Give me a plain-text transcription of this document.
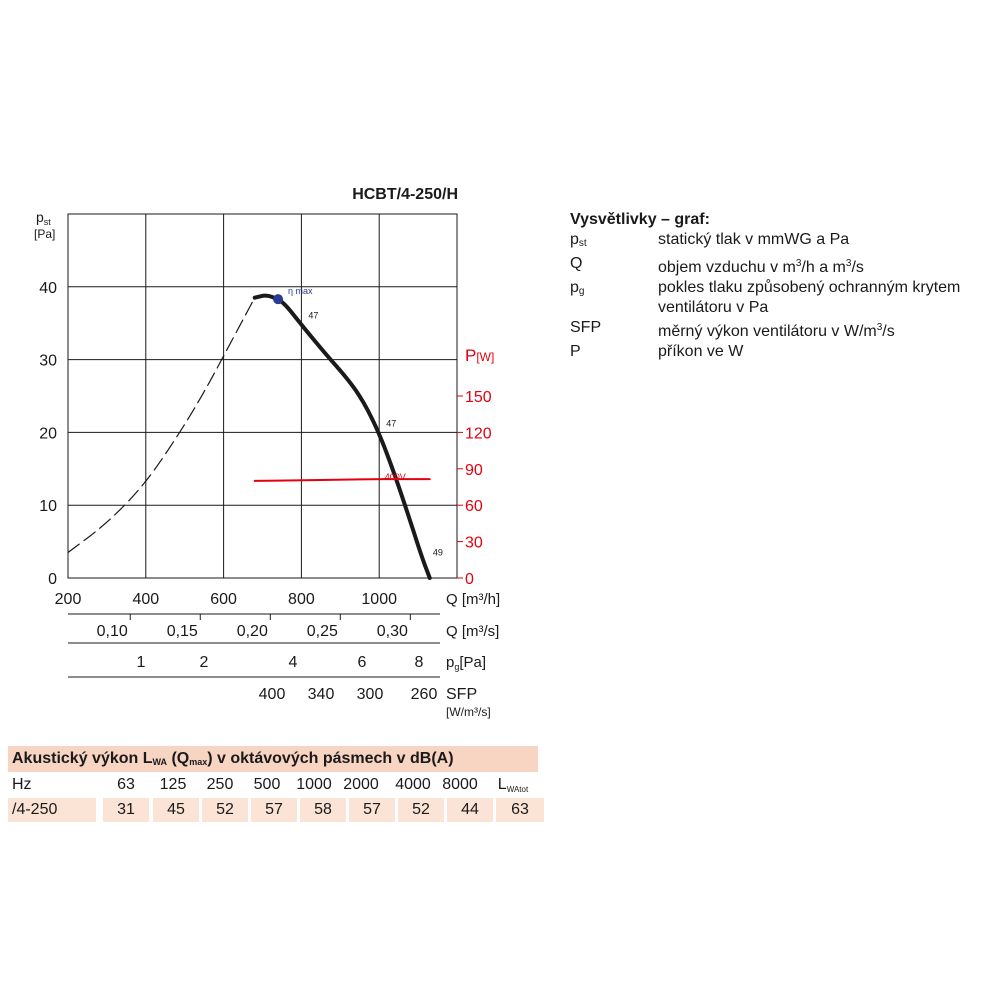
HCBT/4-250/H
0
10
20
30
40
0
30
60
90
120
150
200	400	600	800	1000
0,10 0,15 0,20 0,25 0,30	Q [m³/s]
1	2	4	6	8 $p_g[Pa]$
400 340 300 260 SFP
[W/m³/s]
η max
47
47
49
400V
$p_{st}$
[Pa]
P[W]
Q [m³/h]
Vysvětlivky – graf:
pst	statický tlak v mmWG a Pa
Q	objem vzduchu v $m^3/h$ a $m^3/s$
pg	pokles tlaku způsobený ochranným krytem ventilátoru v Pa
SFP	měrný výkon ventilátoru v $W/m^3/s$
P	příkon ve W
Akustický výkon LWA (Qmax) v oktávových pásmech v dB(A)
Hz	63	125	250	500 1000 2000	4000 8000	LWAtot
/4-250	31	45	52	57	58	57	52	44	63
